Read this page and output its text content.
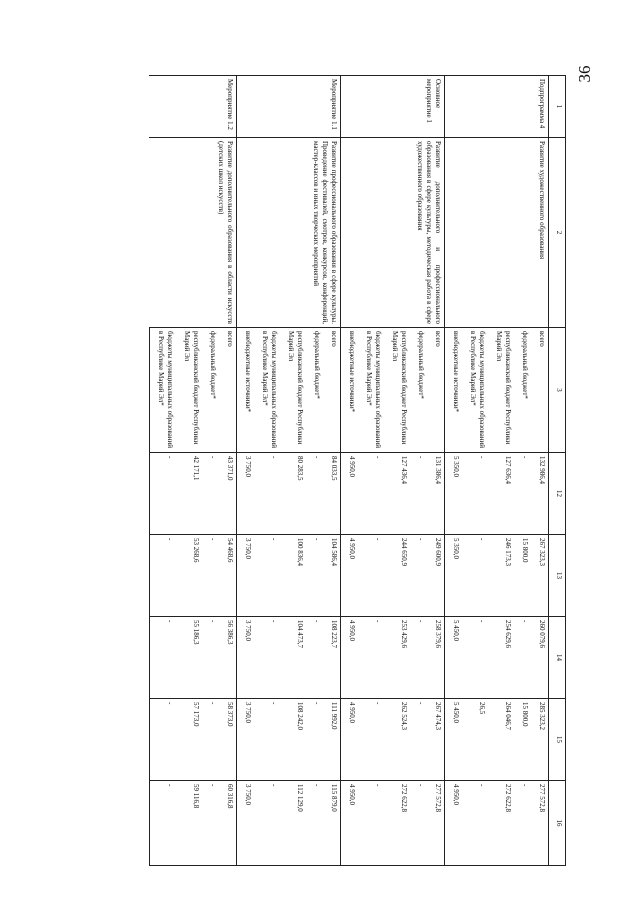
36
1	2	3	12	13	14	15	16
Подпрограмма 4	Развитие художественного образования	всего	132 986,4	267 323,3	260 079,6	285 323,2	277 572,8
		федеральный бюджет*	-	15 800,0	-	15 800,0	-
		республиканский бюджет Республики Марий Эл	127 636,4	246 173,3	254 629,6	264 046,7	272 622,8
		бюджеты муниципальных образований в Республике Марий Эл*	-	-	-	26,5	-
		внебюджетные источники*	5 350,0	5 350,0	5 450,0	5 450,0	4 950,0
Основное мероприятие 1	Развитие дополнительного и профессионального образования в сфере культуры, методическая работа в сфере художественного образования	всего	131 386,4	249 600,9	258 379,6	267 474,3	277 572,8
		федеральный бюджет*	-	-	-	-	-
		республиканский бюджет Республики Марий Эл	127 436,4	244 650,9	253 429,6	262 524,3	272 622,8
		бюджеты муниципальных образований в Республике Марий Эл*	-	-	-	-	-
		внебюджетные источники*	4 950,0	4 950,0	4 950,0	4 950,0	4 950,0
Мероприятие 1.1	Развитие профессионального образования в сфере культуры. Проведение фестивалей, смотров, конкурсов, конференций, мастер-классов и иных творческих мероприятий	всего	84 033,5	104 586,4	108 223,7	111 992,0	115 879,0
		федеральный бюджет*	-	-	-	-	-
		республиканский бюджет Республики Марий Эл	80 283,5	100 836,4	104 473,7	108 242,0	112 129,0
		бюджеты муниципальных образований в Республике Марий Эл*	-	-	-	-	-
		внебюджетные источники*	3 750,0	3 750,0	3 750,0	3 750,0	3 750,0
Мероприятие 1.2	Развитие дополнительного образования в области искусств (детских школ искусств)	всего	43 371,0	54 468,6	56 386,3	58 373,0	60 316,8
		федеральный бюджет*	-	-	-	-	-
		республиканский бюджет Республики Марий Эл	42 171,1	53 268,6	55 186,3	57 173,0	59 116,8
		бюджеты муниципальных образований в Республике Марий Эл*	-	-	-	-	-
